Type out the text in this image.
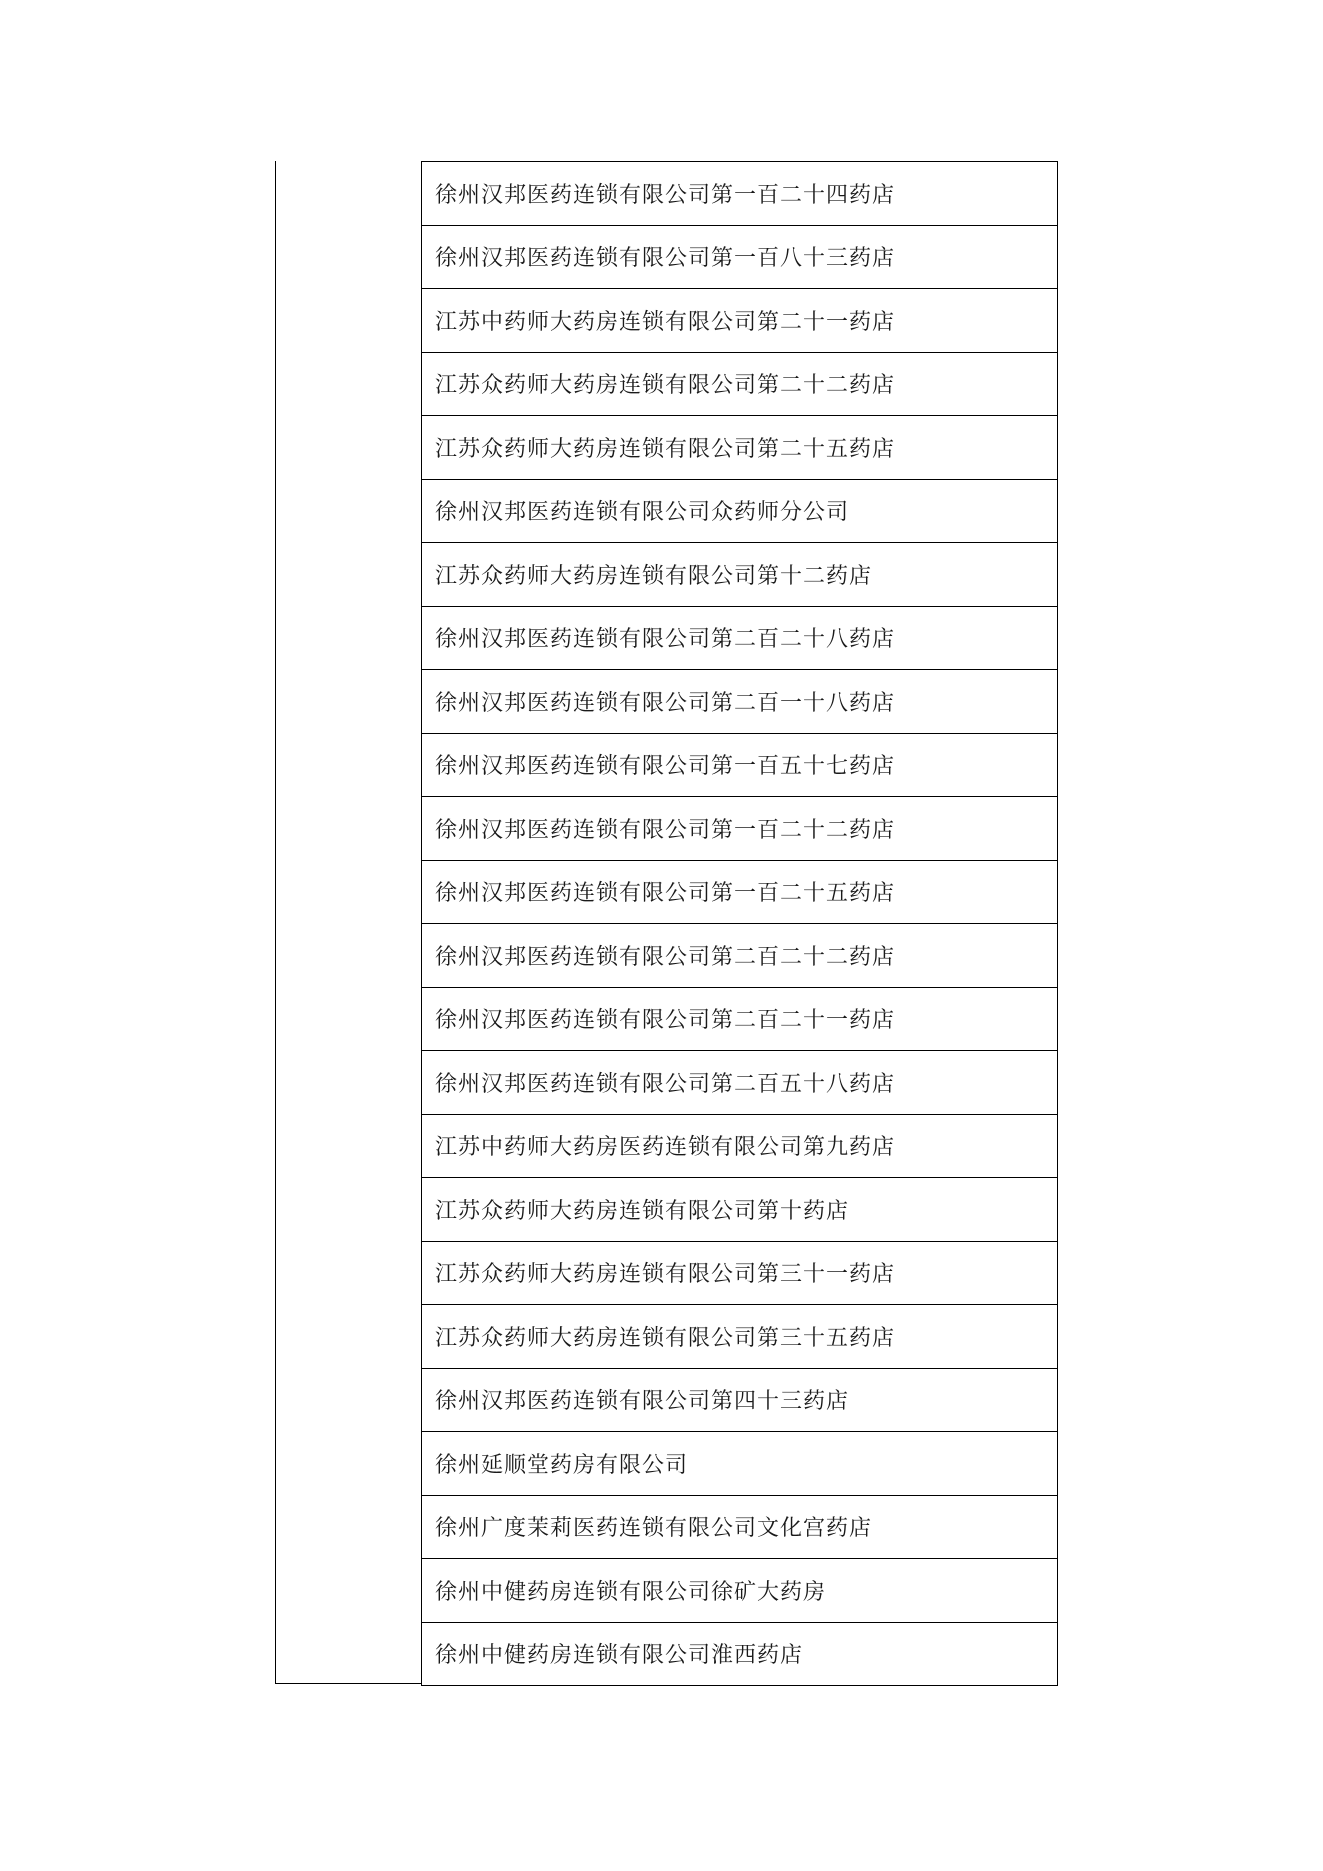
徐州汉邦医药连锁有限公司第一百二十四药店
徐州汉邦医药连锁有限公司第一百八十三药店
江苏中药师大药房连锁有限公司第二十一药店
江苏众药师大药房连锁有限公司第二十二药店
江苏众药师大药房连锁有限公司第二十五药店
徐州汉邦医药连锁有限公司众药师分公司
江苏众药师大药房连锁有限公司第十二药店
徐州汉邦医药连锁有限公司第二百二十八药店
徐州汉邦医药连锁有限公司第二百一十八药店
徐州汉邦医药连锁有限公司第一百五十七药店
徐州汉邦医药连锁有限公司第一百二十二药店
徐州汉邦医药连锁有限公司第一百二十五药店
徐州汉邦医药连锁有限公司第二百二十二药店
徐州汉邦医药连锁有限公司第二百二十一药店
徐州汉邦医药连锁有限公司第二百五十八药店
江苏中药师大药房医药连锁有限公司第九药店
江苏众药师大药房连锁有限公司第十药店
江苏众药师大药房连锁有限公司第三十一药店
江苏众药师大药房连锁有限公司第三十五药店
徐州汉邦医药连锁有限公司第四十三药店
徐州延顺堂药房有限公司
徐州广度茉莉医药连锁有限公司文化宫药店
徐州中健药房连锁有限公司徐矿大药房
徐州中健药房连锁有限公司淮西药店
